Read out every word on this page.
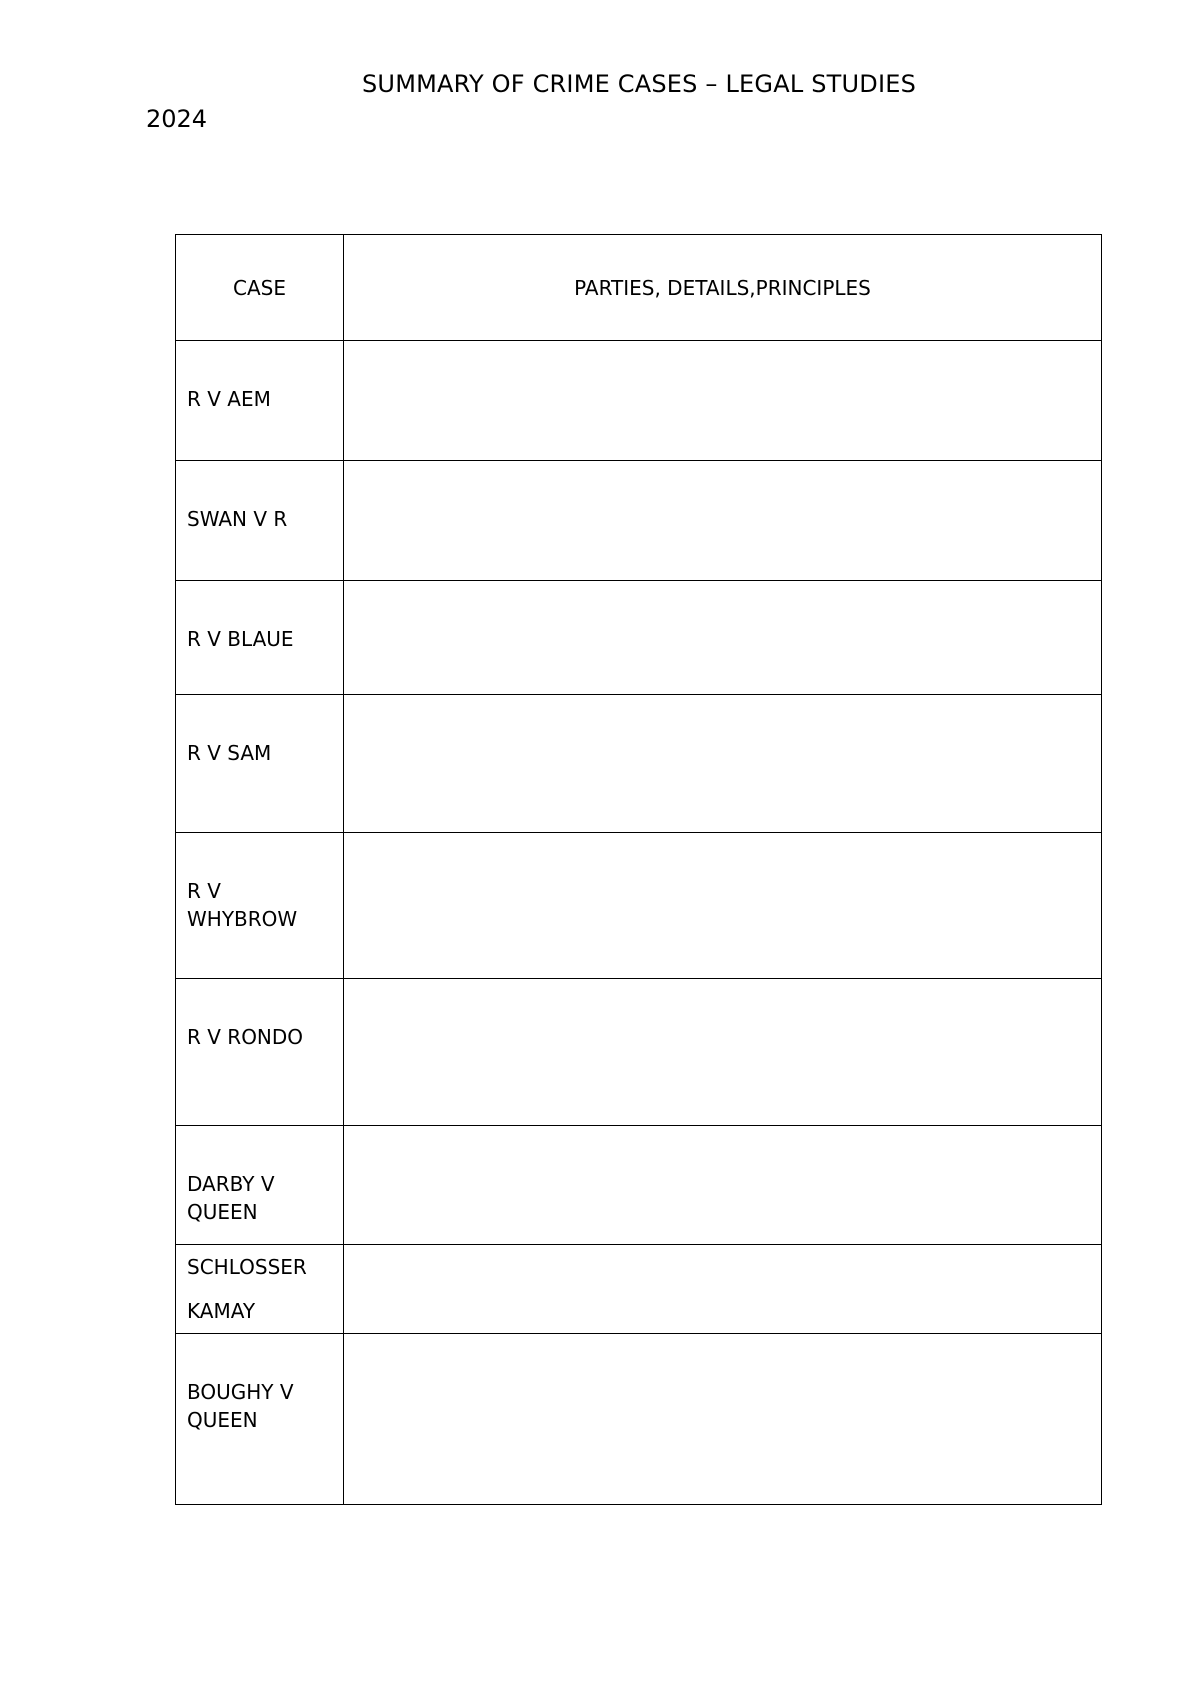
SUMMARY OF CRIME CASES – LEGAL STUDIES
2024
CASE	PARTIES, DETAILS,PRINCIPLES

R V AEM	

SWAN V R	

R V BLAUE	

R V SAM	

R V
WHYBROW	

R V RONDO	

DARBY V
QUEEN	

SCHLOSSER
KAMAY	

BOUGHY V
QUEEN	
